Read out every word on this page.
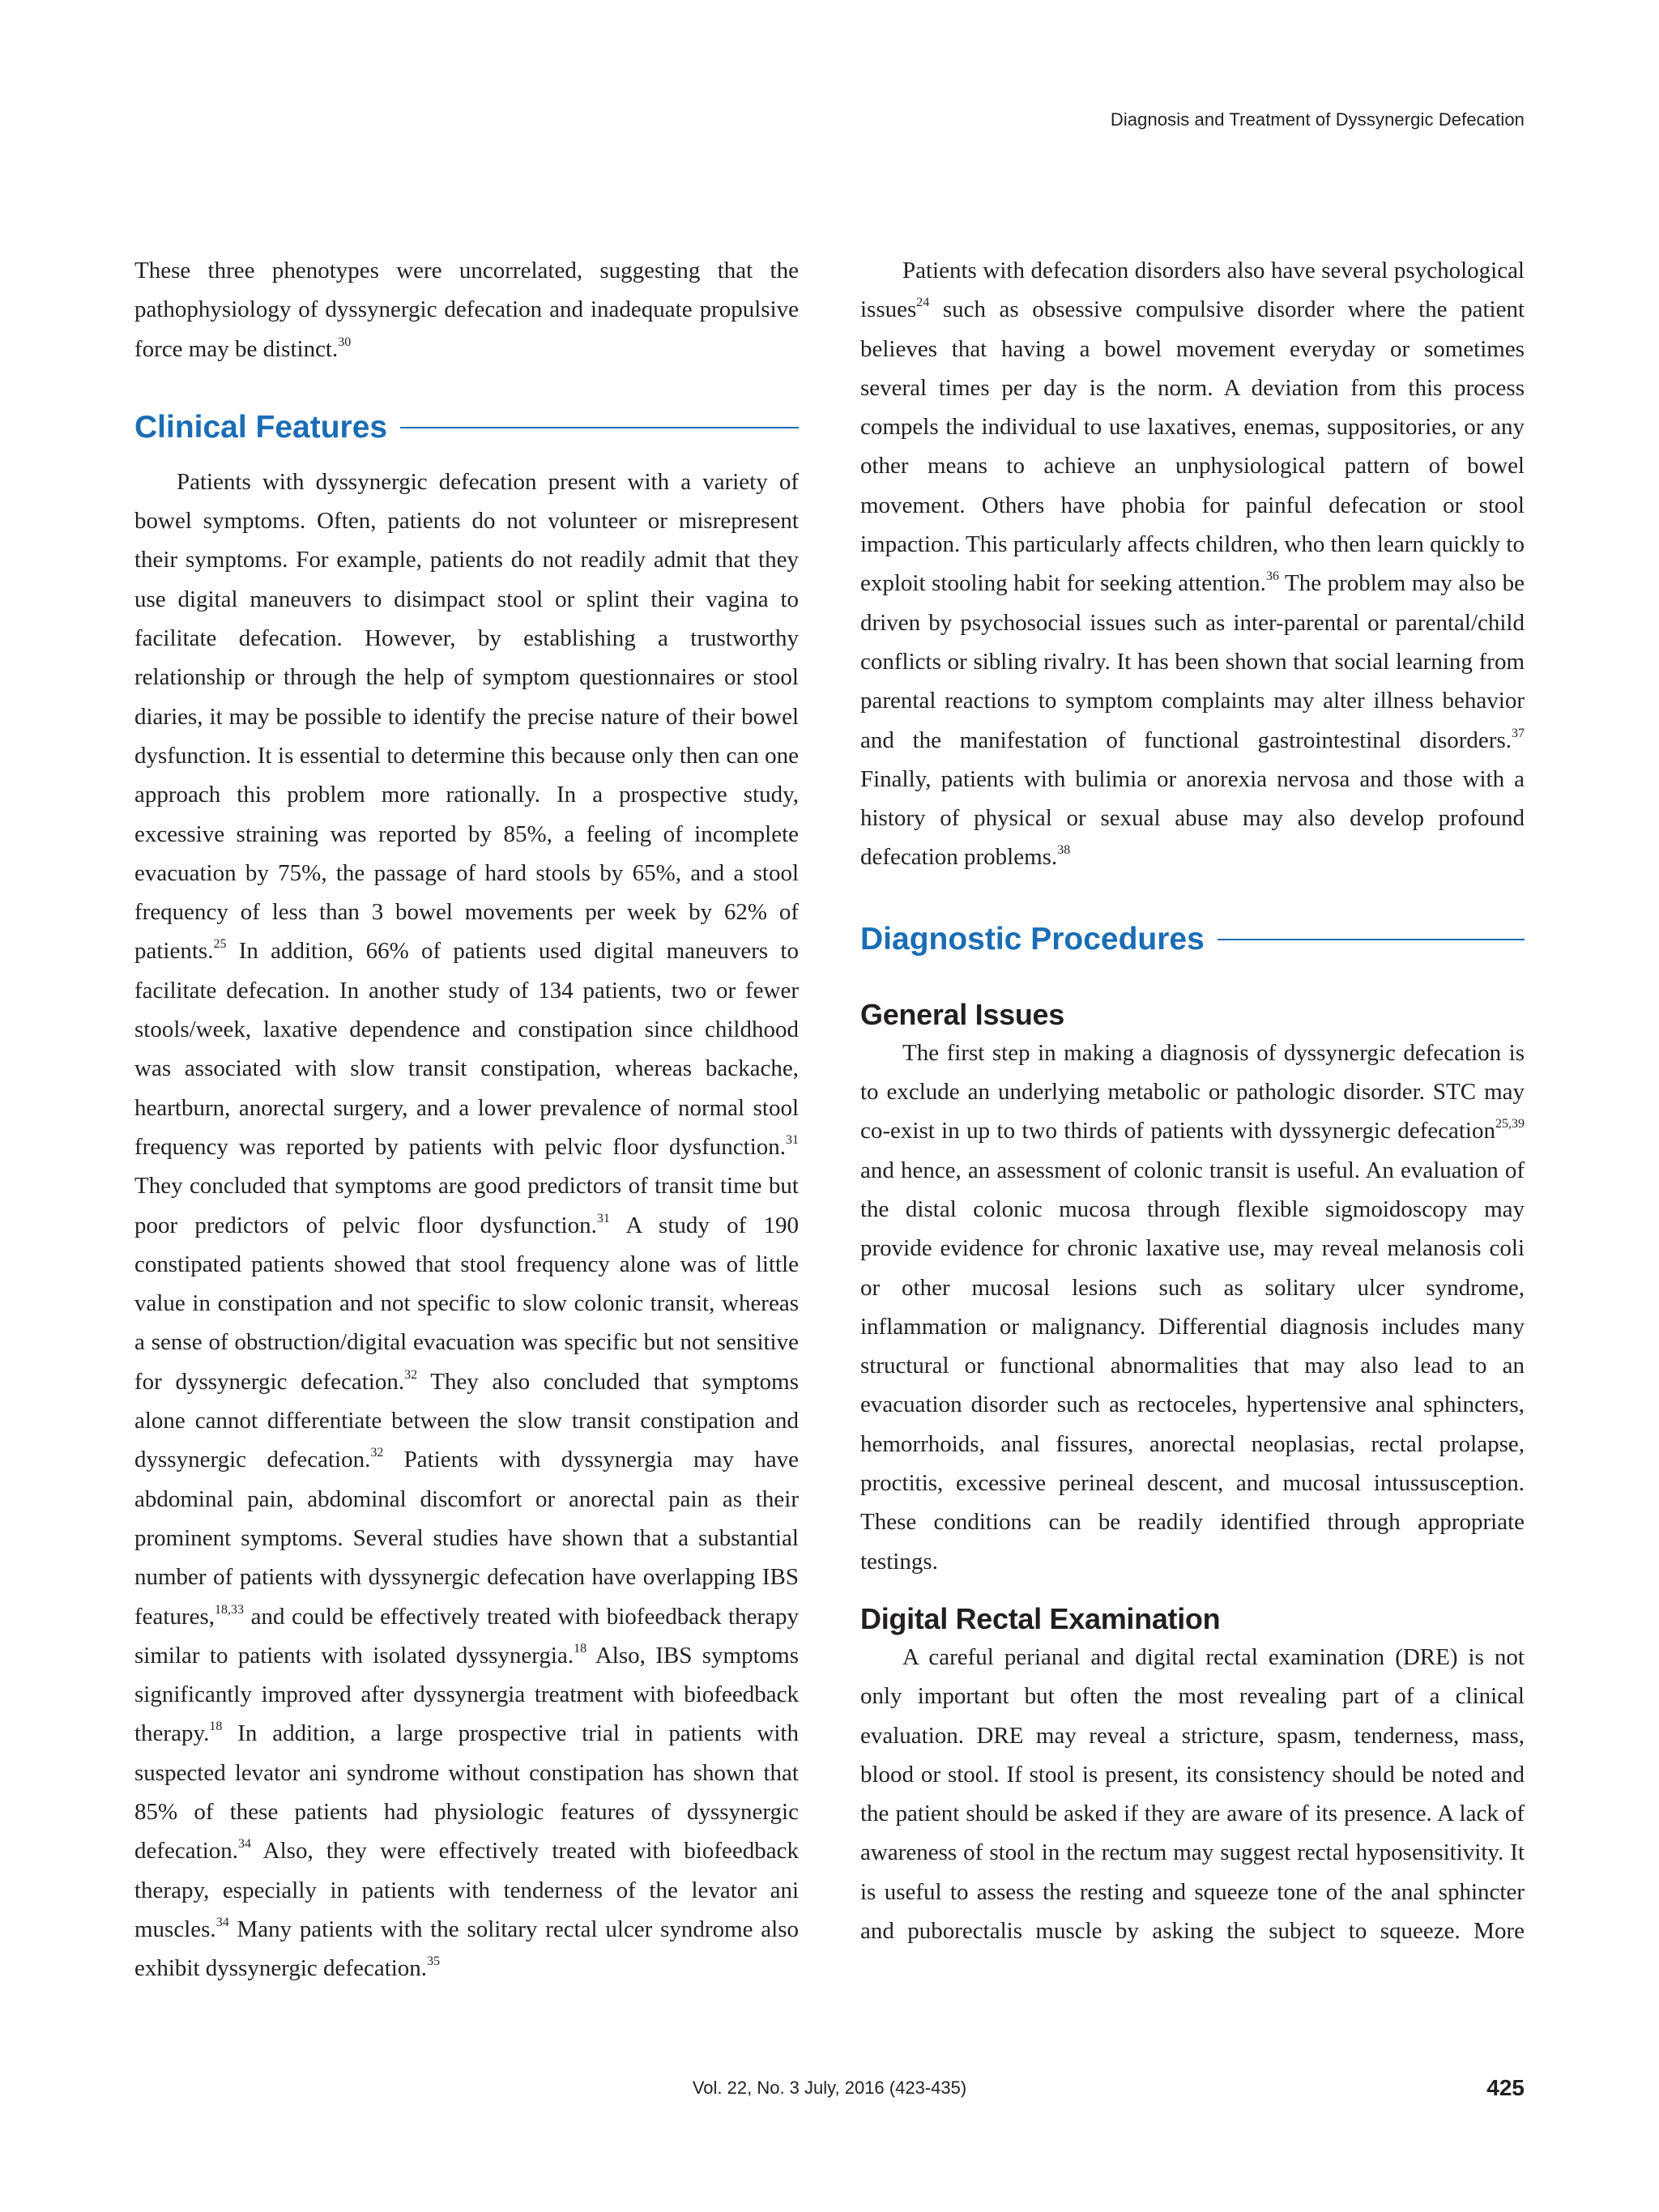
Diagnosis and Treatment of Dyssynergic Defecation

These three phenotypes were uncorrelated, suggesting that the pathophysiology of dyssynergic defecation and inadequate propulsive force may be distinct.$^{30}$

Clinical Features

Patients with dyssynergic defecation present with a variety of bowel symptoms. Often, patients do not volunteer or misrepresent their symptoms. For example, patients do not readily admit that they use digital maneuvers to disimpact stool or splint their vagina to facilitate defecation. However, by establishing a trustworthy relationship or through the help of symptom questionnaires or stool diaries, it may be possible to identify the precise nature of their bowel dysfunction. It is essential to determine this because only then can one approach this problem more rationally. In a prospective study, excessive straining was reported by 85%, a feeling of incomplete evacuation by 75%, the passage of hard stools by 65%, and a stool frequency of less than 3 bowel movements per week by 62% of patients.$^{25}$ In addition, 66% of patients used digital maneuvers to facilitate defecation. In another study of 134 patients, two or fewer stools/week, laxative dependence and constipation since childhood was associated with slow transit constipation, whereas backache, heartburn, anorectal surgery, and a lower prevalence of normal stool frequency was reported by patients with pelvic floor dysfunction.$^{31}$ They concluded that symptoms are good predictors of transit time but poor predictors of pelvic floor dysfunction.$^{31}$ A study of 190 constipated patients showed that stool frequency alone was of little value in constipation and not specific to slow colonic transit, whereas a sense of obstruction/digital evacuation was specific but not sensitive for dyssynergic defecation.$^{32}$ They also concluded that symptoms alone cannot differentiate between the slow transit constipation and dyssynergic defecation.$^{32}$ Patients with dyssynergia may have abdominal pain, abdominal discomfort or anorectal pain as their prominent symptoms. Several studies have shown that a substantial number of patients with dyssynergic defecation have overlapping IBS features,$^{18,33}$ and could be effectively treated with biofeedback therapy similar to patients with isolated dyssynergia.$^{18}$ Also, IBS symptoms significantly improved after dyssynergia treatment with biofeedback therapy.$^{18}$ In addition, a large prospective trial in patients with suspected levator ani syndrome without constipation has shown that 85% of these patients had physiologic features of dyssynergic defecation.$^{34}$ Also, they were effectively treated with biofeedback therapy, especially in patients with tenderness of the levator ani muscles.$^{34}$ Many patients with the solitary rectal ulcer syndrome also exhibit dyssynergic defecation.$^{35}$

Patients with defecation disorders also have several psychological issues$^{24}$ such as obsessive compulsive disorder where the patient believes that having a bowel movement everyday or sometimes several times per day is the norm. A deviation from this process compels the individual to use laxatives, enemas, suppositories, or any other means to achieve an unphysiological pattern of bowel movement. Others have phobia for painful defecation or stool impaction. This particularly affects children, who then learn quickly to exploit stooling habit for seeking attention.$^{36}$ The problem may also be driven by psychosocial issues such as inter-parental or parental/child conflicts or sibling rivalry. It has been shown that social learning from parental reactions to symptom complaints may alter illness behavior and the manifestation of functional gastrointestinal disorders.$^{37}$ Finally, patients with bulimia or anorexia nervosa and those with a history of physical or sexual abuse may also develop profound defecation problems.$^{38}$

Diagnostic Procedures
General Issues

The first step in making a diagnosis of dyssynergic defecation is to exclude an underlying metabolic or pathologic disorder. STC may co-exist in up to two thirds of patients with dyssynergic defecation$^{25,39}$ and hence, an assessment of colonic transit is useful. An evaluation of the distal colonic mucosa through flexible sigmoidoscopy may provide evidence for chronic laxative use, may reveal melanosis coli or other mucosal lesions such as solitary ulcer syndrome, inflammation or malignancy. Differential diagnosis includes many structural or functional abnormalities that may also lead to an evacuation disorder such as rectoceles, hypertensive anal sphincters, hemorrhoids, anal fissures, anorectal neoplasias, rectal prolapse, proctitis, excessive perineal descent, and mucosal intussusception. These conditions can be readily identified through appropriate testings.

Digital Rectal Examination

A careful perianal and digital rectal examination (DRE) is not only important but often the most revealing part of a clinical evaluation. DRE may reveal a stricture, spasm, tenderness, mass, blood or stool. If stool is present, its consistency should be noted and the patient should be asked if they are aware of its presence. A lack of awareness of stool in the rectum may suggest rectal hyposensitivity. It is useful to assess the resting and squeeze tone of the anal sphincter and puborectalis muscle by asking the subject to squeeze. More

Vol. 22, No. 3 July, 2016 (423-435)	425
